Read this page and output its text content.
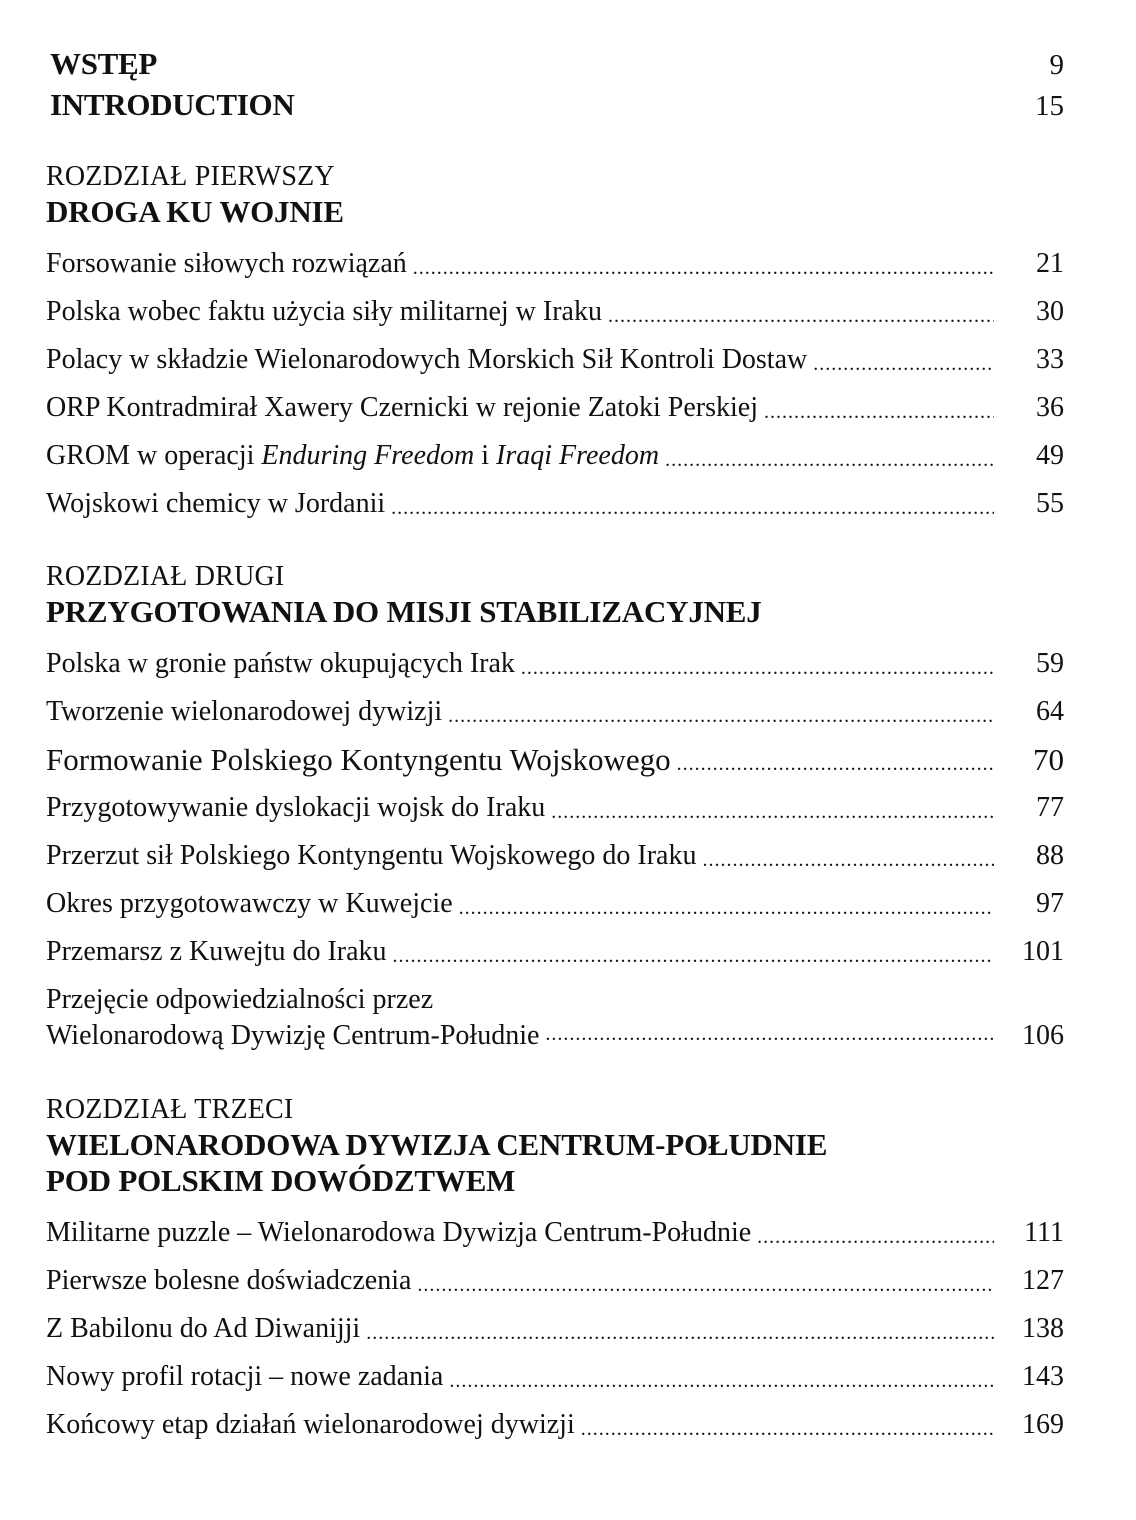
WSTĘP	9
INTRODUCTION	15
ROZDZIAŁ PIERWSZY
DROGA KU WOJNIE
Forsowanie siłowych rozwiązań .....	21
Polska wobec faktu użycia siły militarnej w Iraku .....	30
Polacy w składzie Wielonarodowych Morskich Sił Kontroli Dostaw .....	33
ORP Kontradmirał Xawery Czernicki w rejonie Zatoki Perskiej .....	36
GROM w operacji Enduring Freedom i Iraqi Freedom .....	49
Wojskowi chemicy w Jordanii .....	55
ROZDZIAŁ DRUGI
PRZYGOTOWANIA DO MISJI STABILIZACYJNEJ
Polska w gronie państw okupujących Irak .....	59
Tworzenie wielonarodowej dywizji .....	64
Formowanie Polskiego Kontyngentu Wojskowego .....	70
Przygotowywanie dyslokacji wojsk do Iraku .....	77
Przerzut sił Polskiego Kontyngentu Wojskowego do Iraku .....	88
Okres przygotowawczy w Kuwejcie .....	97
Przemarsz z Kuwejtu do Iraku .....	101
Przejęcie odpowiedzialności przez
Wielonarodową Dywizję Centrum-Południe .....	106
ROZDZIAŁ TRZECI
WIELONARODOWA DYWIZJA CENTRUM-POŁUDNIE
POD POLSKIM DOWÓDZTWEM
Militarne puzzle – Wielonarodowa Dywizja Centrum-Południe .....	111
Pierwsze bolesne doświadczenia .....	127
Z Babilonu do Ad Diwanijji .....	138
Nowy profil rotacji – nowe zadania .....	143
Końcowy etap działań wielonarodowej dywizji .....	169
